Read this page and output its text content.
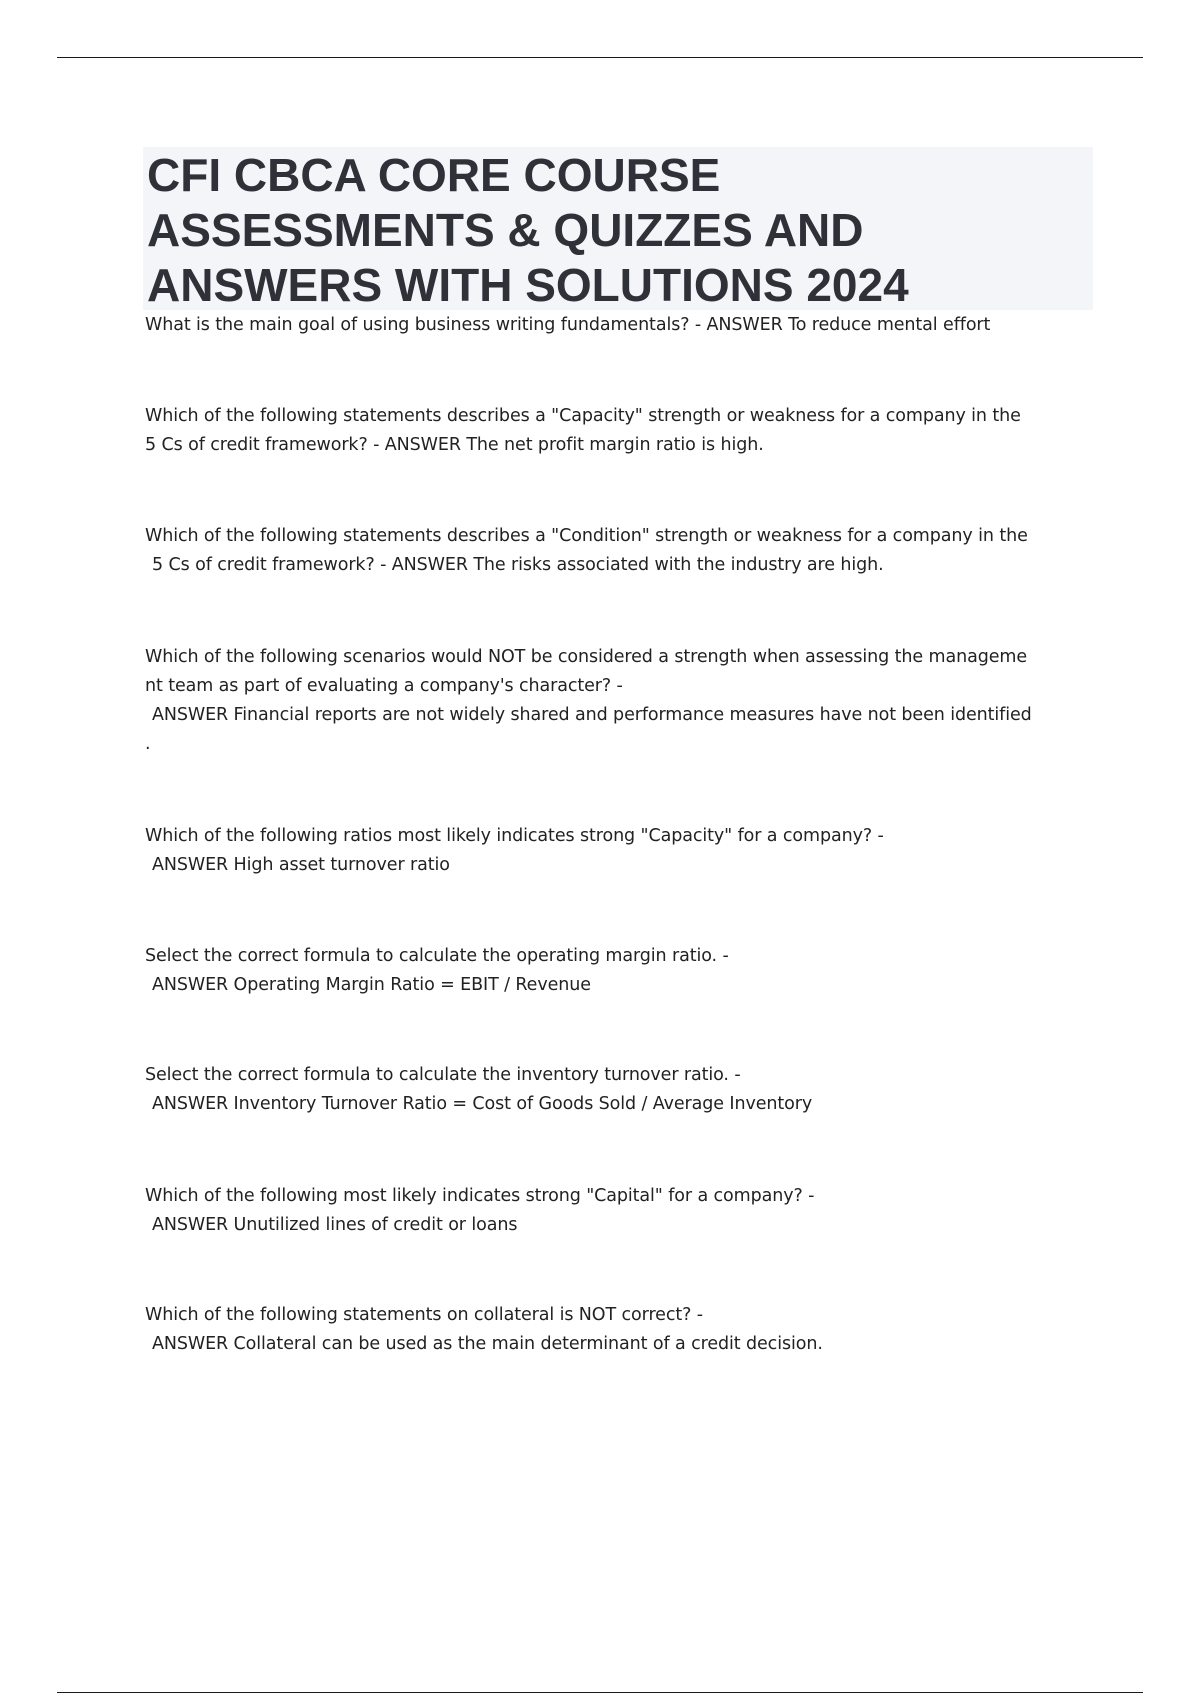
CFI CBCA CORE COURSE
ASSESSMENTS & QUIZZES AND
ANSWERS WITH SOLUTIONS 2024
What is the main goal of using business writing fundamentals? - ANSWER To reduce mental effort
Which of the following statements describes a "Capacity" strength or weakness for a company in the
5 Cs of credit framework? - ANSWER The net profit margin ratio is high.
Which of the following statements describes a "Condition" strength or weakness for a company in the
5 Cs of credit framework? - ANSWER The risks associated with the industry are high.
Which of the following scenarios would NOT be considered a strength when assessing the manageme
nt team as part of evaluating a company's character? -
ANSWER Financial reports are not widely shared and performance measures have not been identified
.
Which of the following ratios most likely indicates strong "Capacity" for a company? -
ANSWER High asset turnover ratio
Select the correct formula to calculate the operating margin ratio. -
ANSWER Operating Margin Ratio = EBIT / Revenue
Select the correct formula to calculate the inventory turnover ratio. -
ANSWER Inventory Turnover Ratio = Cost of Goods Sold / Average Inventory
Which of the following most likely indicates strong "Capital" for a company? -
ANSWER Unutilized lines of credit or loans
Which of the following statements on collateral is NOT correct? -
ANSWER Collateral can be used as the main determinant of a credit decision.
